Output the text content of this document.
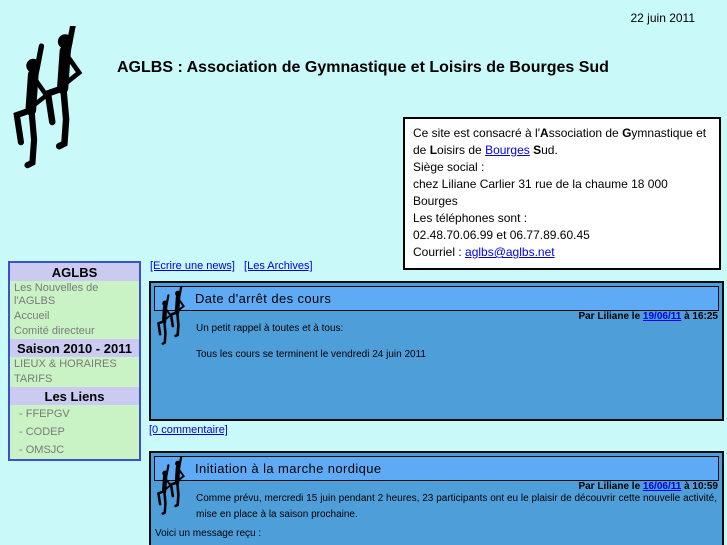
22 juin 2011
AGLBS : Association de Gymnastique et Loisirs de Bourges Sud
Ce site est consacré à l'Association de Gymnastique et de Loisirs de Bourges Sud.
Siège social :
chez Liliane Carlier 31 rue de la chaume 18 000 Bourges
Les téléphones sont :
02.48.70.06.99 et 06.77.89.60.45
Courriel : aglbs@aglbs.net
AGLBS
Les Nouvelles de l'AGLBS
Accueil
Comité directeur
Saison 2010 - 2011
LIEUX & HORAIRES
TARIFS
Les Liens
- FFEPGV
- CODEP
- OMSJC
[Ecrire une news] [Les Archives]
Date d'arrêt des cours
Par Liliane le 19/06/11 à 16:25
Un petit rappel à toutes et à tous:
Tous les cours se terminent le vendredi 24 juin 2011
[0 commentaire]
Initiation à la marche nordique
Par Liliane le 16/06/11 à 10:59
Comme prévu, mercredi 15 juin pendant 2 heures, 23 participants ont eu le plaisir de découvrir cette nouvelle activité, mise en place à la saison prochaine.
Voici un message reçu :
